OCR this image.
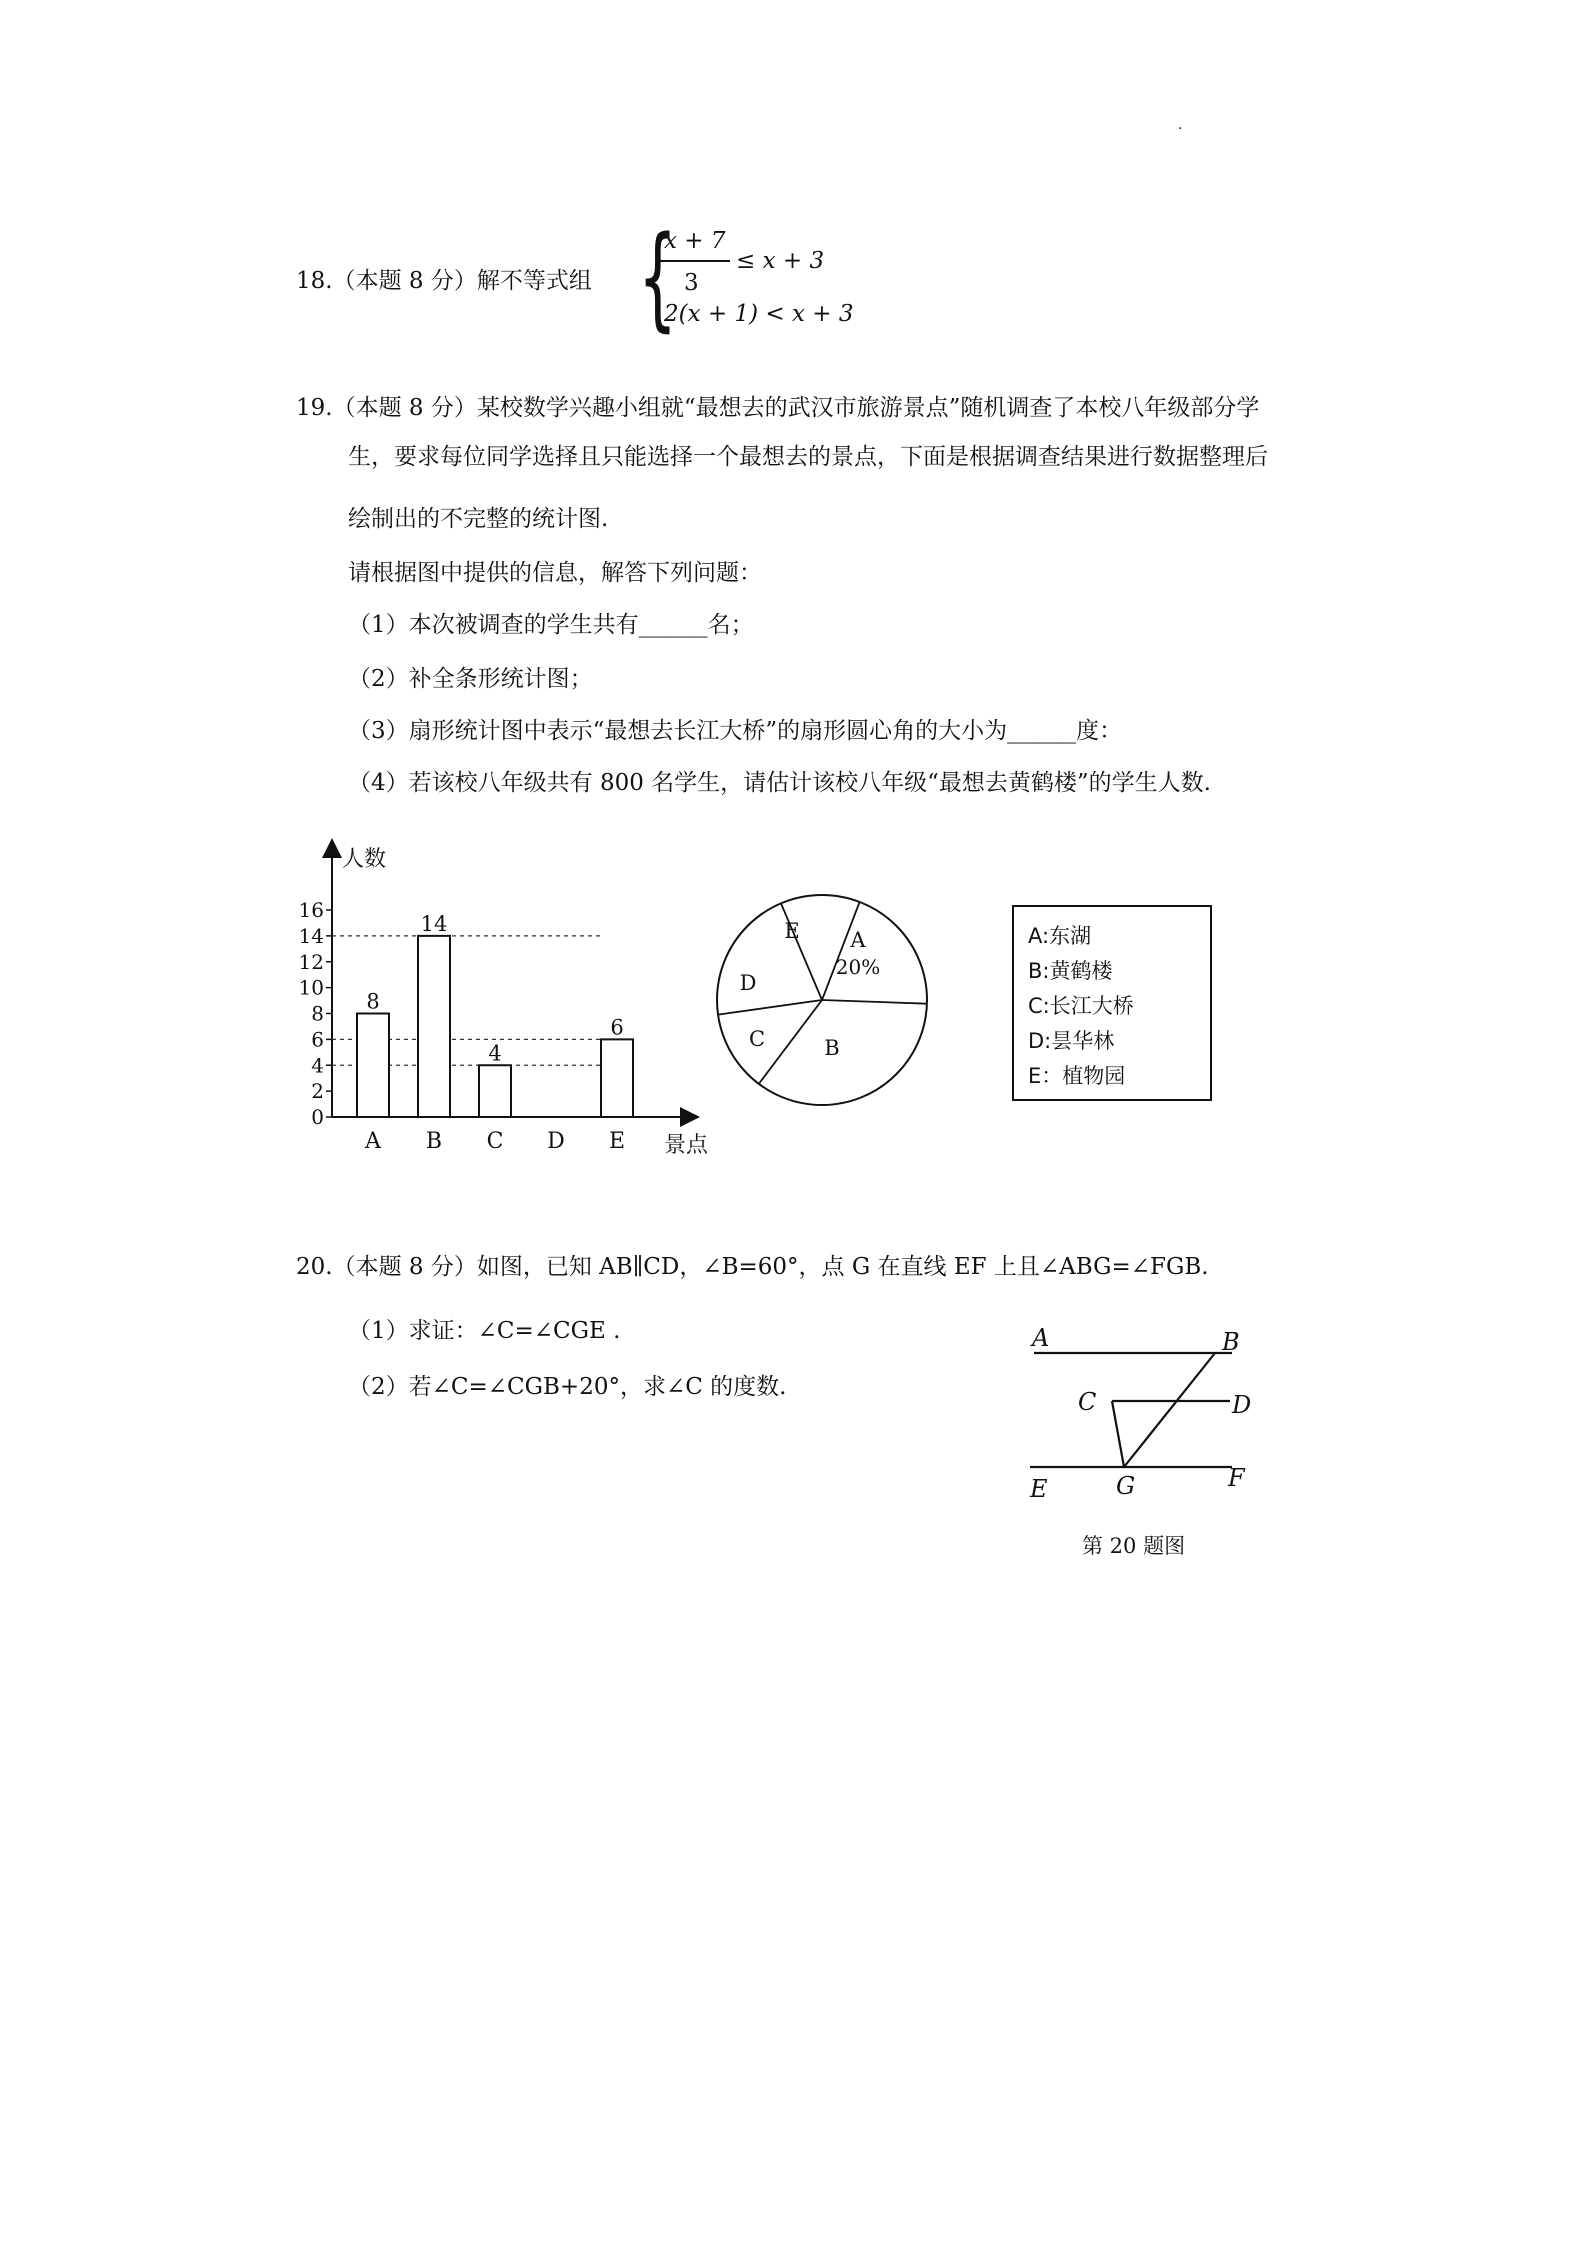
.
18.（本题 8 分）解不等式组 {
x + 7
3
≤ x + 3
2(x + 1) < x + 3
19.（本题 8 分）某校数学兴趣小组就“最想去的武汉市旅游景点”随机调查了本校八年级部分学
生，要求每位同学选择且只能选择一个最想去的景点，下面是根据调查结果进行数据整理后
绘制出的不完整的统计图.
请根据图中提供的信息，解答下列问题：
（1）本次被调查的学生共有______名；
（2）补全条形统计图；
（3）扇形统计图中表示“最想去长江大桥”的扇形圆心角的大小为______度：
（4）若该校八年级共有 800 名学生，请估计该校八年级“最想去黄鹤楼”的学生人数.
人数
景点
0
2
4
6
8
10
12
14
16
8
A
14
B
4
C D
6
E
A
20%
B
C
D
E	A:东湖
B:黄鹤楼
C:长江大桥
D:昙华林
E：植物园
20.（本题 8 分）如图，已知 AB∥CD，∠B=60°，点 G 在直线 EF 上且∠ABG=∠FGB.
（1）求证：∠C=∠CGE .
（2）若∠C=∠CGB+20°，求∠C 的度数.
A	B
C	D
E	F
G
第 20 题图
